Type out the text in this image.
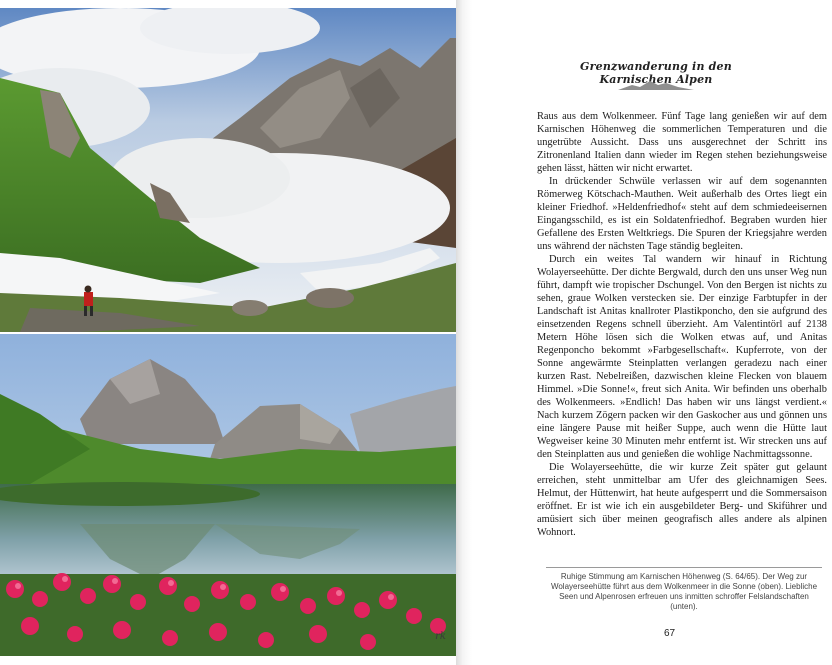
rk
Grenzwanderung in den Karnischen Alpen

Raus aus dem Wolkenmeer. Fünf Tage lang genießen wir auf dem Karnischen Höhenweg die sommerlichen Temperaturen und die ungetrübte Aussicht. Dass uns ausgerechnet der Schritt ins Zitronenland Italien dann wieder im Regen stehen beziehungsweise gehen lässt, hätten wir nicht erwartet.

In drückender Schwüle verlassen wir auf dem sogenannten Römerweg Kötschach-Mauthen. Weit außerhalb des Ortes liegt ein kleiner Friedhof. »Heldenfriedhof« steht auf dem schmiedeeisernen Eingangsschild, es ist ein Soldatenfriedhof. Begraben wurden hier Gefallene des Ersten Weltkriegs. Die Spuren der Kriegsjahre werden uns während der nächsten Tage ständig begleiten.

Durch ein weites Tal wandern wir hinauf in Richtung Wolayerseehütte. Der dichte Bergwald, durch den uns unser Weg nun führt, dampft wie tropischer Dschungel. Von den Bergen ist nichts zu sehen, graue Wolken verstecken sie. Der einzige Farbtupfer in der Landschaft ist Anitas knallroter Plastikponcho, den sie aufgrund des einsetzenden Regens schnell überzieht. Am Valentintörl auf 2138 Metern Höhe lösen sich die Wolken etwas auf, und Anitas Regenponcho bekommt »Farbgesellschaft«. Kupferrote, von der Sonne angewärmte Steinplatten verlangen geradezu nach einer kurzen Rast. Nebelreißen, dazwischen kleine Flecken von blauem Himmel. »Die Sonne!«, freut sich Anita. Wir befinden uns oberhalb des Wolkenmeers. »Endlich! Das haben wir uns längst verdient.« Nach kurzem Zögern packen wir den Gaskocher aus und gönnen uns eine längere Pause mit heißer Suppe, auch wenn die Hütte laut Wegweiser keine 30 Minuten mehr entfernt ist. Wir strecken uns auf den Steinplatten aus und genießen die wohlige Nachmittagssonne.

Die Wolayerseehütte, die wir kurze Zeit später gut gelaunt erreichen, steht unmittelbar am Ufer des gleichnamigen Sees. Helmut, der Hüttenwirt, hat heute aufgesperrt und die Sommersaison eröffnet. Er ist wie ich ein ausgebildeter Berg- und Skiführer und amüsiert sich über meinen geografisch alles andere als alpinen Wohnort.

Ruhige Stimmung am Karnischen Höhenweg (S. 64/65). Der Weg zur Wolayerseehütte führt aus dem Wolkenmeer in die Sonne (oben). Liebliche Seen und Alpenrosen erfreuen uns inmitten schroffer Felslandschaften (unten).
67
